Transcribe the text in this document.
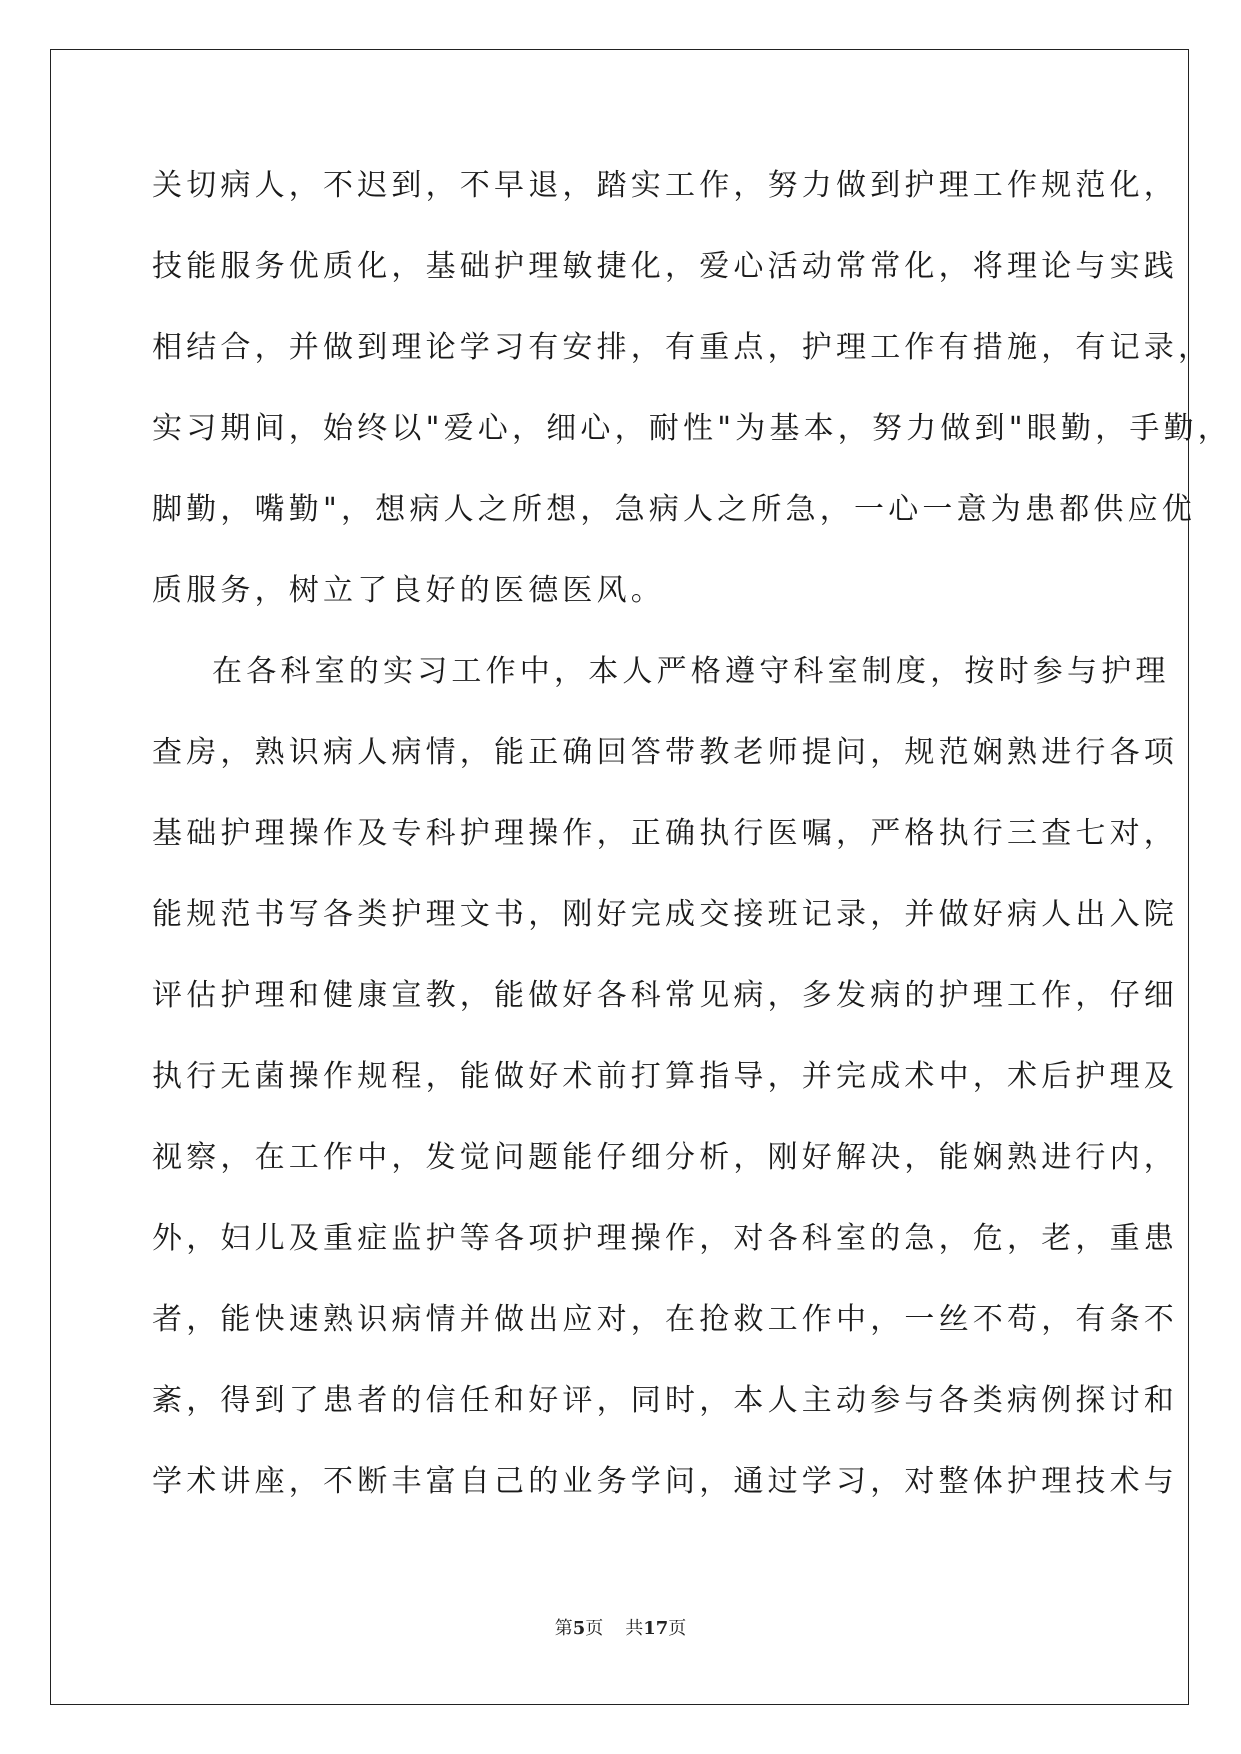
关切病人，不迟到，不早退，踏实工作，努力做到护理工作规范化，
技能服务优质化，基础护理敏捷化，爱心活动常常化，将理论与实践
相结合，并做到理论学习有安排，有重点，护理工作有措施，有记录，
实习期间，始终以"爱心，细心，耐性"为基本，努力做到"眼勤，手勤，
脚勤，嘴勤"，想病人之所想，急病人之所急，一心一意为患都供应优
质服务，树立了良好的医德医风。
在各科室的实习工作中，本人严格遵守科室制度，按时参与护理
查房，熟识病人病情，能正确回答带教老师提问，规范娴熟进行各项
基础护理操作及专科护理操作，正确执行医嘱，严格执行三查七对，
能规范书写各类护理文书，刚好完成交接班记录，并做好病人出入院
评估护理和健康宣教，能做好各科常见病，多发病的护理工作，仔细
执行无菌操作规程，能做好术前打算指导，并完成术中，术后护理及
视察，在工作中，发觉问题能仔细分析，刚好解决，能娴熟进行内，
外，妇儿及重症监护等各项护理操作，对各科室的急，危，老，重患
者，能快速熟识病情并做出应对，在抢救工作中，一丝不苟，有条不
紊，得到了患者的信任和好评，同时，本人主动参与各类病例探讨和
学术讲座，不断丰富自己的业务学问，通过学习，对整体护理技术与
第5页 共17页
